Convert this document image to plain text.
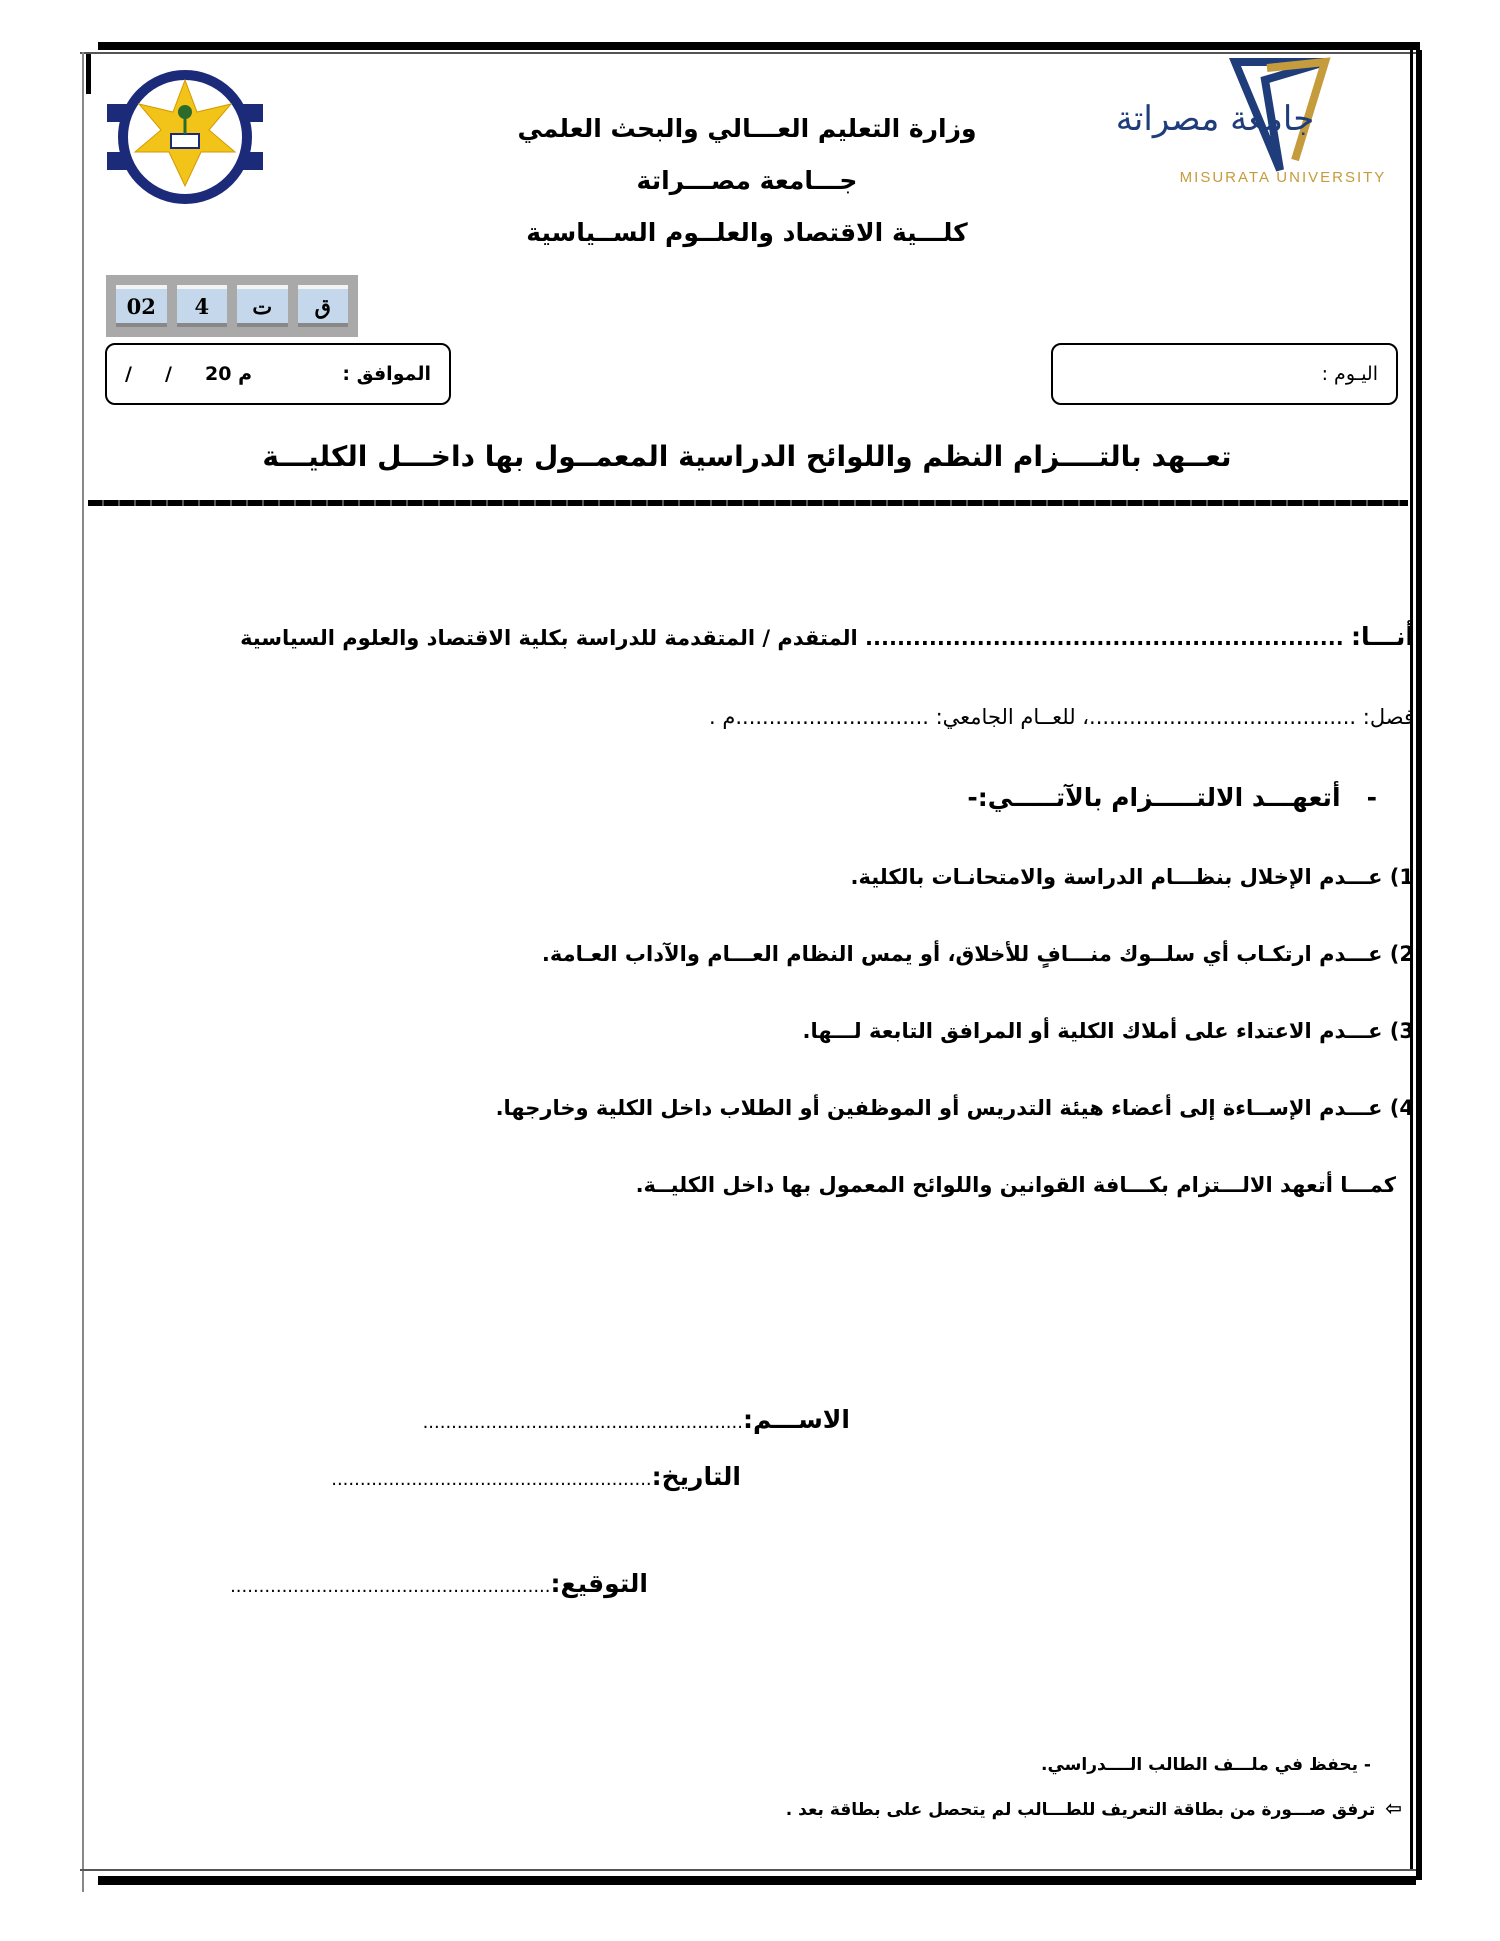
جامعة مصراتة
MISURATA UNIVERSITY
وزارة التعليم العـــالي والبحث العلمي
جـــامعة مصـــراتة
كلـــية الاقتصاد والعلــوم الســياسية
02	4	ت	ق
الموافق :
/     /     20 م	اليـوم :
تعــهد بالتــــزام النظم واللوائح الدراسية المعمــول بها داخـــل الكليـــة
أنـــا: ............................................................ المتقدم / المتقدمة للدراسة بكلية الاقتصاد والعلوم السياسية
فصل: ........................................، للعــام الجامعي: .............................م .
-   أتعهـــد الالتـــــزام بالآتـــــي:-
1) عـــدم الإخلال بنظـــام الدراسة والامتحانـات بالكلية.
2) عـــدم ارتكـاب أي سلــوك منـــافٍ للأخلاق، أو يمس النظام العـــام والآداب العـامة.
3) عـــدم الاعتداء على أملاك الكلية أو المرافق التابعة لـــها.
4) عـــدم الإســاءة إلى أعضاء هيئة التدريس أو الموظفين أو الطلاب داخل الكلية وخارجها.
كمـــا أتعهد الالـــتزام بكـــافة القوانين واللوائح المعمول بها داخل الكليــة.
الاســـم:........................................................
التاريخ:........................................................
التوقيع:........................................................
- يحفظ في ملـــف الطالب الــــدراسي.
⇦ترفق صـــورة من بطاقة التعريف للطـــالب لم يتحصل على بطاقة بعد .
